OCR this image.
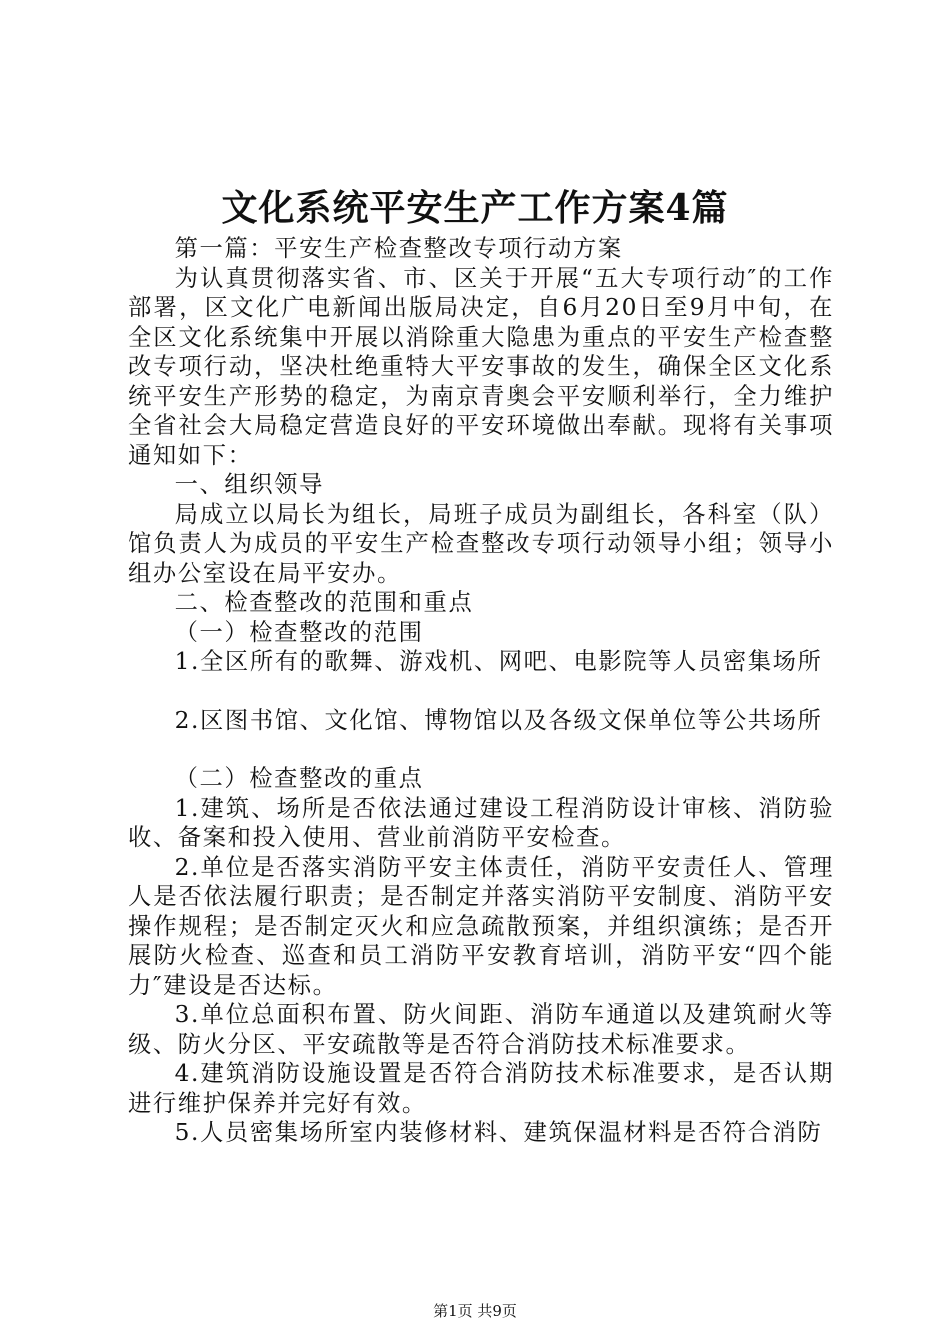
文化系统平安生产工作方案4篇

第一篇：平安生产检查整改专项行动方案

为认真贯彻落实省、市、区关于开展“五大专项行动″的工作部署，区文化广电新闻出版局决定，自6月20日至9月中旬，在全区文化系统集中开展以消除重大隐患为重点的平安生产检查整改专项行动，坚决杜绝重特大平安事故的发生，确保全区文化系统平安生产形势的稳定，为南京青奥会平安顺利举行，全力维护全省社会大局稳定营造良好的平安环境做出奉献。现将有关事项通知如下：

一、组织领导

局成立以局长为组长，局班子成员为副组长，各科室（队）馆负责人为成员的平安生产检查整改专项行动领导小组；领导小组办公室设在局平安办。

二、检查整改的范围和重点

（一）检查整改的范围

1.全区所有的歌舞、游戏机、网吧、电影院等人员密集场所

2.区图书馆、文化馆、博物馆以及各级文保单位等公共场所

（二）检查整改的重点

1.建筑、场所是否依法通过建设工程消防设计审核、消防验收、备案和投入使用、营业前消防平安检查。

2.单位是否落实消防平安主体责任，消防平安责任人、管理人是否依法履行职责；是否制定并落实消防平安制度、消防平安操作规程；是否制定灭火和应急疏散预案，并组织演练；是否开展防火检查、巡查和员工消防平安教育培训，消防平安“四个能力″建设是否达标。

3.单位总面积布置、防火间距、消防车通道以及建筑耐火等级、防火分区、平安疏散等是否符合消防技术标准要求。

4.建筑消防设施设置是否符合消防技术标准要求，是否认期进行维护保养并完好有效。

5.人员密集场所室内装修材料、建筑保温材料是否符合消防

第1页 共9页
